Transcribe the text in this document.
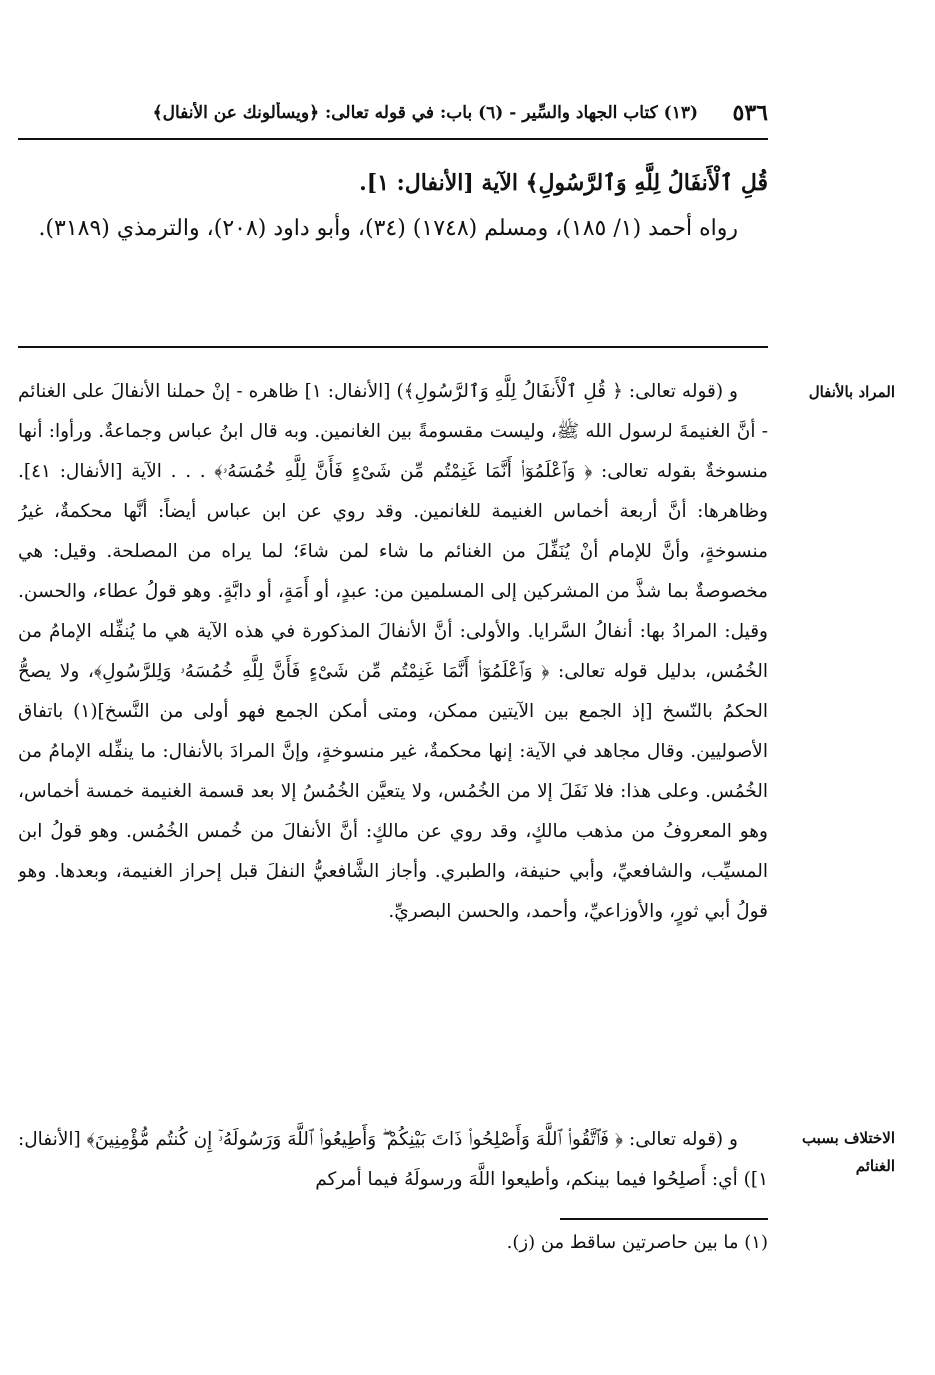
٥٣٦
(١٣) كتاب الجهاد والسِّير - (٦) باب: في قوله تعالى: ﴿ويسألونك عن الأنفال﴾

قُلِ ٱلْأَنفَالُ لِلَّهِ وَٱلرَّسُولِ﴾ الآية [الأنفال: ١].

رواه أحمد (١/ ١٨٥)، ومسلم (١٧٤٨) (٣٤)، وأبو داود (٢٠٨)، والترمذي (٣١٨٩).

المراد بالأنفال
الاختلاف بسبب الغنائم

و (قوله تعالى: ﴿ قُلِ ٱلْأَنفَالُ لِلَّهِ وَٱلرَّسُولِ﴾) [الأنفال: ١] ظاهره - إنْ حملنا الأنفالَ على الغنائم - أنَّ الغنيمةَ لرسول الله ﷺ، وليست مقسومةً بين الغانمين. وبه قال ابنُ عباس وجماعةٌ. ورأوا: أنها منسوخةٌ بقوله تعالى: ﴿ وَٱعْلَمُوٓا۟ أَنَّمَا غَنِمْتُم مِّن شَىْءٍ فَأَنَّ لِلَّهِ خُمُسَهُۥ﴾ . . . الآية [الأنفال: ٤١]. وظاهرها: أنَّ أربعة أخماس الغنيمة للغانمين. وقد روي عن ابن عباس أيضاً: أنَّها محكمةٌ، غيرُ منسوخةٍ، وأنَّ للإمام أنْ يُنَفِّلَ من الغنائم ما شاء لمن شاءَ؛ لما يراه من المصلحة. وقيل: هي مخصوصةٌ بما شذَّ من المشركين إلى المسلمين من: عبدٍ، أو أَمَةٍ، أو دابَّةٍ. وهو قولُ عطاء، والحسن. وقيل: المرادُ بها: أنفالُ السَّرايا. والأولى: أنَّ الأنفالَ المذكورة في هذه الآية هي ما يُنفِّله الإمامُ من الخُمُس، بدليل قوله تعالى: ﴿ وَٱعْلَمُوٓا۟ أَنَّمَا غَنِمْتُم مِّن شَىْءٍ فَأَنَّ لِلَّهِ خُمُسَهُۥ وَلِلرَّسُولِ﴾، ولا يصحُّ الحكمُ بالنّسخ [إذ الجمع بين الآيتين ممكن، ومتى أمكن الجمع فهو أولى من النَّسخ](١) باتفاق الأصوليين. وقال مجاهد في الآية: إنها محكمةٌ، غير منسوخةٍ، وإنَّ المرادَ بالأنفال: ما ينفِّله الإمامُ من الخُمُس. وعلى هذا: فلا نَفَلَ إلا من الخُمُس، ولا يتعيَّن الخُمُسُ إلا بعد قسمة الغنيمة خمسة أخماس، وهو المعروفُ من مذهب مالكٍ، وقد روي عن مالكٍ: أنَّ الأنفالَ من خُمس الخُمُس. وهو قولُ ابن المسيِّب، والشافعيِّ، وأبي حنيفة، والطبري. وأجاز الشَّافعيُّ النفلَ قبل إحراز الغنيمة، وبعدها. وهو قولُ أبي ثورٍ، والأوزاعيِّ، وأحمد، والحسن البصريِّ.

و (قوله تعالى: ﴿ فَٱتَّقُوا۟ ٱللَّهَ وَأَصْلِحُوا۟ ذَاتَ بَيْنِكُمْ ۖ وَأَطِيعُوا۟ ٱللَّهَ وَرَسُولَهُۥٓ إِن كُنتُم مُّؤْمِنِينَ﴾ [الأنفال: ١]) أي: أَصلِحُوا فيما بينكم، وأطيعوا اللَّهَ ورسولَهُ فيما أمركم

(١) ما بين حاصرتين ساقط من (ز).
